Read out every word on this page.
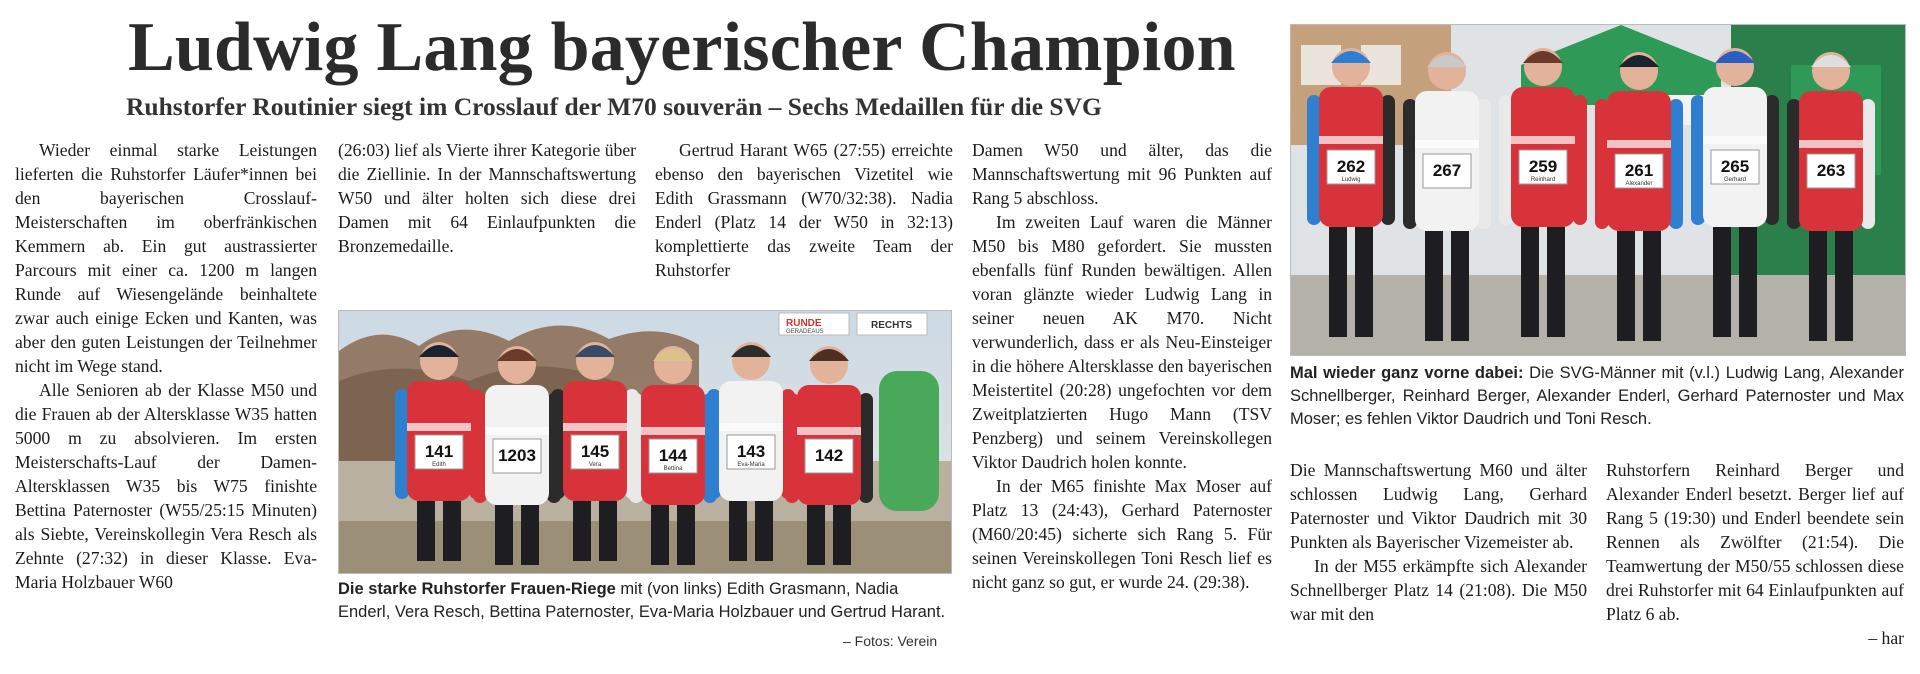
Ludwig Lang bayerischer Champion
Ruhstorfer Routinier siegt im Crosslauf der M70 souverän – Sechs Medaillen für die SVG

Wieder einmal starke Leistungen lieferten die Ruhstorfer Läufer*innen bei den bayerischen Crosslauf-Meisterschaften im oberfränkischen Kemmern ab. Ein gut austrassierter Parcours mit einer ca. 1200 m langen Runde auf Wiesengelände beinhaltete zwar auch einige Ecken und Kanten, was aber den guten Leistungen der Teilnehmer nicht im Wege stand.

Alle Senioren ab der Klasse M50 und die Frauen ab der Altersklasse W35 hatten 5000 m zu absolvieren. Im ersten Meisterschafts-Lauf der Damen-Altersklassen W35 bis W75 finishte Bettina Paternoster (W55/25:15 Minuten) als Siebte, Vereinskollegin Vera Resch als Zehnte (27:32) in dieser Klasse. Eva-Maria Holzbauer W60

(26:03) lief als Vierte ihrer Kategorie über die Ziellinie. In der Mannschaftswertung W50 und älter holten sich diese drei Damen mit 64 Einlaufpunkten die Bronzemedaille.

Gertrud Harant W65 (27:55) erreichte ebenso den bayerischen Vizetitel wie Edith Grassmann (W70/32:38). Nadia Enderl (Platz 14 der W50 in 32:13) komplettierte das zweite Team der Ruhstorfer

Damen W50 und älter, das die Mannschaftswertung mit 96 Punkten auf Rang 5 abschloss.

Im zweiten Lauf waren die Männer M50 bis M80 gefordert. Sie mussten ebenfalls fünf Runden bewältigen. Allen voran glänzte wieder Ludwig Lang in seiner neuen AK M70. Nicht verwunderlich, dass er als Neu-Einsteiger in die höhere Altersklasse den bayerischen Meistertitel (20:28) ungefochten vor dem Zweitplatzierten Hugo Mann (TSV Penzberg) und seinem Vereinskollegen Viktor Daudrich holen konnte.

In der M65 finishte Max Moser auf Platz 13 (24:43), Gerhard Paternoster (M60/20:45) sicherte sich Rang 5. Für seinen Vereinskollegen Toni Resch lief es nicht ganz so gut, er wurde 24. (29:38).

Die Mannschaftswertung M60 und älter schlossen Ludwig Lang, Gerhard Paternoster und Viktor Daudrich mit 30 Punkten als Bayerischer Vizemeister ab.

In der M55 erkämpfte sich Alexander Schnellberger Platz 14 (21:08). Die M50 war mit den

Ruhstorfern Reinhard Berger und Alexander Enderl besetzt. Berger lief auf Rang 5 (19:30) und Enderl beendete sein Rennen als Zwölfter (21:54). Die Teamwertung der M50/55 schlossen diese drei Ruhstorfer mit 64 Einlaufpunkten auf Platz 6 ab.

– har

RUNDE
GERADEAUS
RECHTS
141
Edith	1203	145
Vera	144
Bettina
143
Eva-Maria	142
Die starke Ruhstorfer Frauen-Riege mit (von links) Edith Grasmann, Nadia Enderl, Vera Resch, Bettina Paternoster, Eva-Maria Holzbauer und Gertrud Harant.
– Fotos: Verein
262
Ludwig	267	259
Reinhard	261
Alexander
265
Gerhard	263
Mal wieder ganz vorne dabei: Die SVG-Männer mit (v.l.) Ludwig Lang, Alexander Schnellberger, Reinhard Berger, Alexander Enderl, Gerhard Paternoster und Max Moser; es fehlen Viktor Daudrich und Toni Resch.
